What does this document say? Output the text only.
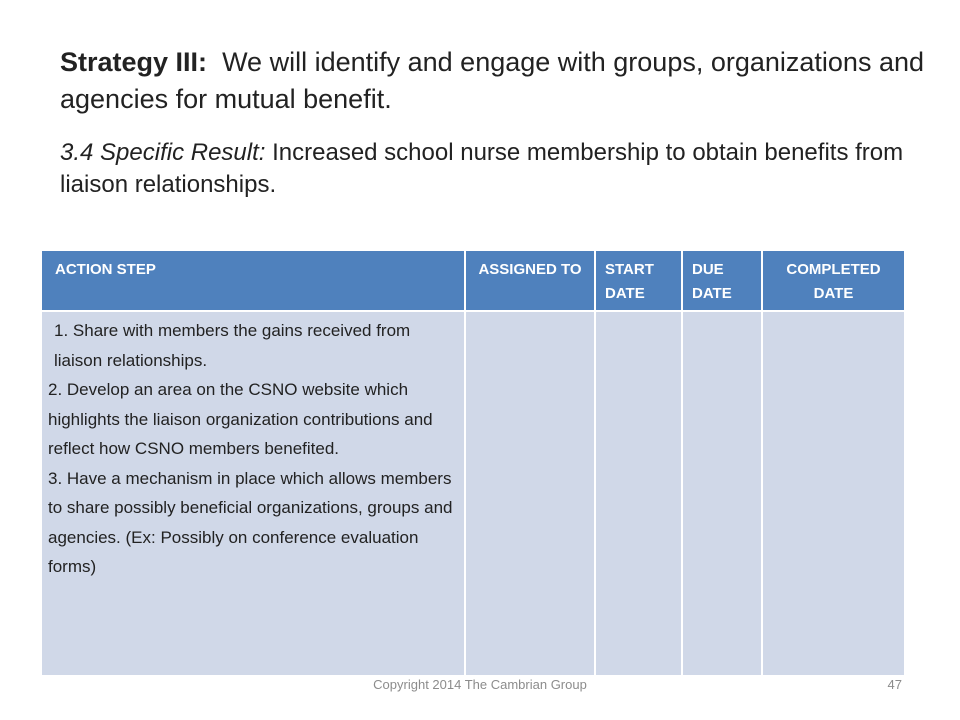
Strategy III: We will identify and engage with groups, organizations and agencies for mutual benefit.
3.4 Specific Result: Increased school nurse membership to obtain benefits from liaison relationships.
ACTION STEP	ASSIGNED TO	START DATE	DUE DATE	COMPLETED DATE

1. Share with members the gains received from liaison relationships.
2. Develop an area on the CSNO website which highlights the liaison organization contributions and reflect how CSNO members benefited.
3. Have a mechanism in place which allows members to share possibly beneficial organizations, groups and agencies. (Ex: Possibly on conference evaluation forms)				

Copyright 2014 The Cambrian Group	47
